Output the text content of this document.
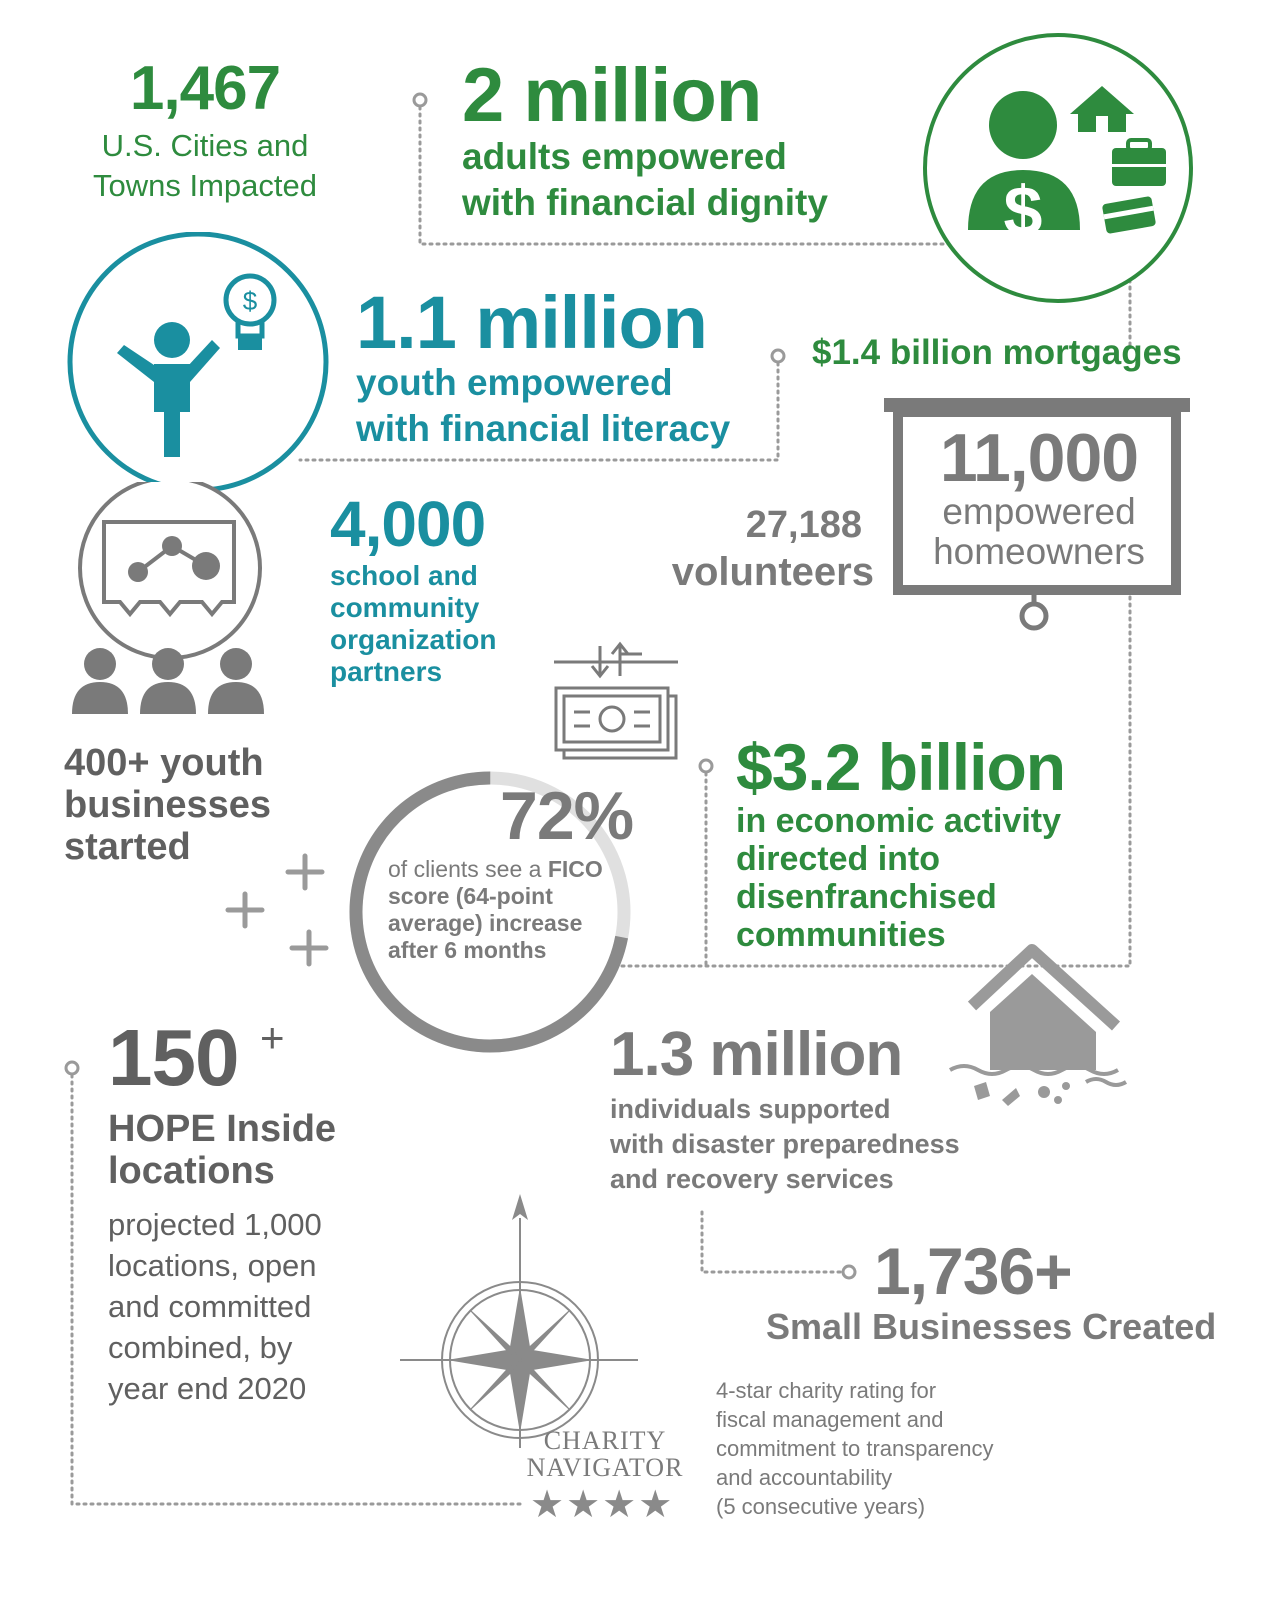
1,467
U.S. Cities and
Towns Impacted
2 million
adults empowered
with financial dignity	$
$ 1.1 million
youth empowered
with financial literacy
$1.4 billion mortgages
11,000
empowered
homeowners
27,188
volunteers
4,000
school and
community
organization
partners
400+ youth
businesses
started	72%
of clients see a FICO
score (64-point
average) increase
after 6 months
$3.2 billion
in economic activity
directed into
disenfranchised
communities
150 +
HOPE Inside
locations
projected 1,000
locations, open
and committed
combined, by
year end 2020
1.3 million
individuals supported
with disaster preparedness
and recovery services
CHARITY
NAVIGATOR
★★★★
1,736+
Small Businesses Created
4-star charity rating for
fiscal management and
commitment to transparency
and accountability
(5 consecutive years)
